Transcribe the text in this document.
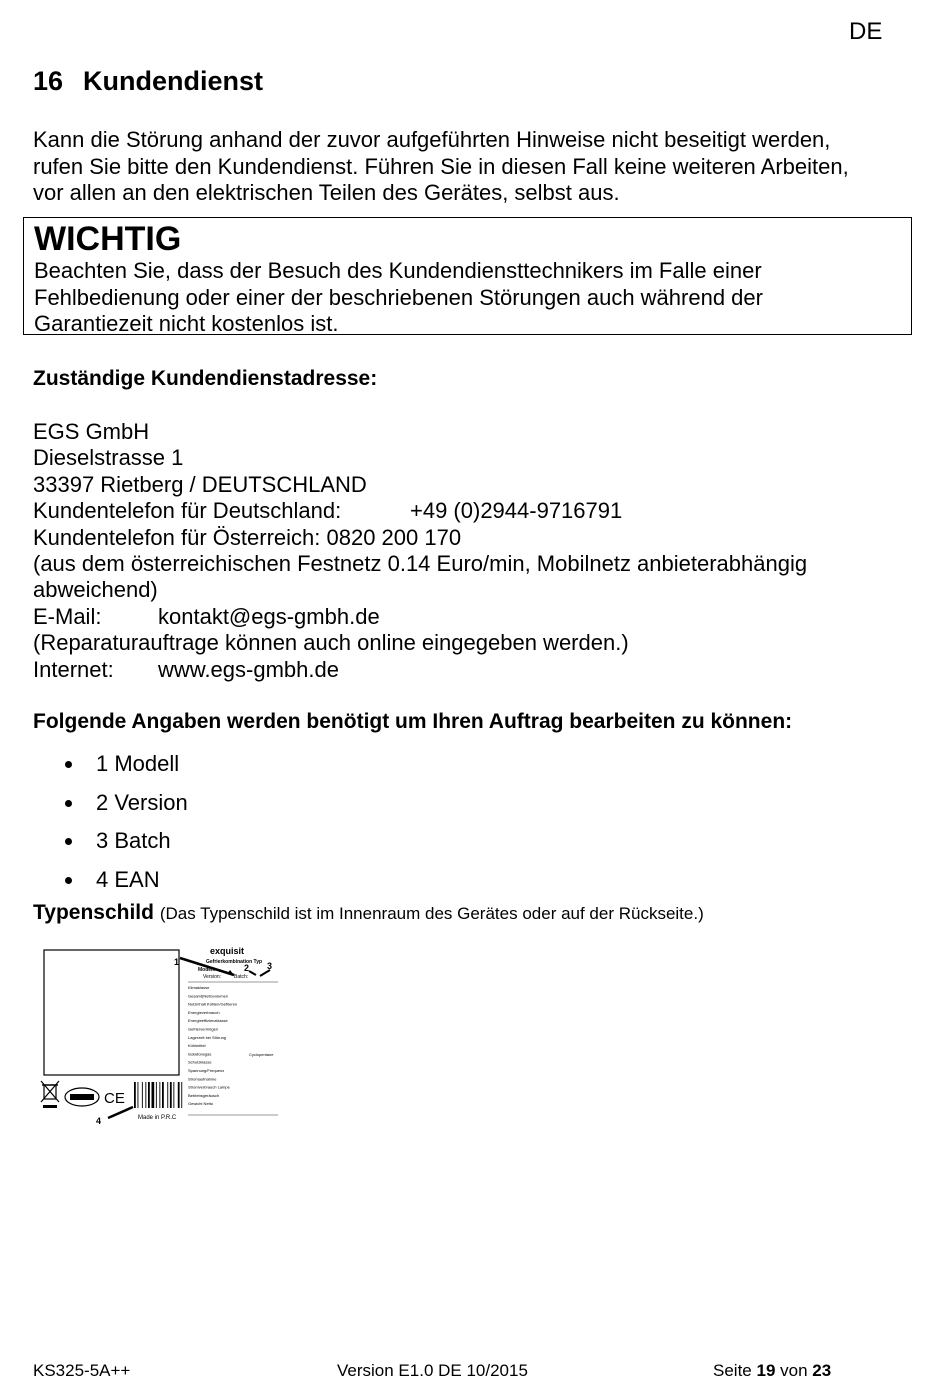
DE
16 Kundendienst
Kann die Störung anhand der zuvor aufgeführten Hinweise nicht beseitigt werden,
rufen Sie bitte den Kundendienst. Führen Sie in diesen Fall keine weiteren Arbeiten,
vor allen an den elektrischen Teilen des Gerätes, selbst aus.
WICHTIG
Beachten Sie, dass der Besuch des Kundendiensttechnikers im Falle einer
Fehlbedienung oder einer der beschriebenen Störungen auch während der
Garantiezeit nicht kostenlos ist.
Zuständige Kundendienstadresse:
EGS GmbH
Dieselstrasse 1
33397 Rietberg / DEUTSCHLAND
Kundentelefon für Deutschland:	+49 (0)2944-9716791
Kundentelefon für Österreich: 0820 200 170
(aus dem österreichischen Festnetz 0.14 Euro/min, Mobilnetz anbieterabhängig
abweichend)
E-Mail:	kontakt@egs-gmbh.de
(Reparaturauftrage können auch online eingegeben werden.)
Internet: www.egs-gmbh.de
Folgende Angaben werden benötigt um Ihren Auftrag bearbeiten zu können:
1 Modell
2 Version
3 Batch
4 EAN
Typenschild (Das Typenschild ist im Innenraum des Gerätes oder auf der Rückseite.)
exquisit
Gefrierkombination Typ
Modell:
Version:	Batch:
Klimaklasse
Gesamt(Nettovolumen
Nutzinhalt Kühlen/Gefrieren
Energieverbrauch
Energieeffizienzklasse
Gefriervermögen
Lagerzeit bei Störung
Kühlmittel
Isolationsgas
Schutzklasse
Spannung/Frequenz
Stromaufnahme
Stromverbrauch Lampe
Betriebsgeräusch
Gewicht Netto
Cyclopentane
1
2 3
4
CE
Made in P.R.C
KS325-5A++	Version E1.0 DE 10/2015	Seite 19 von 23
